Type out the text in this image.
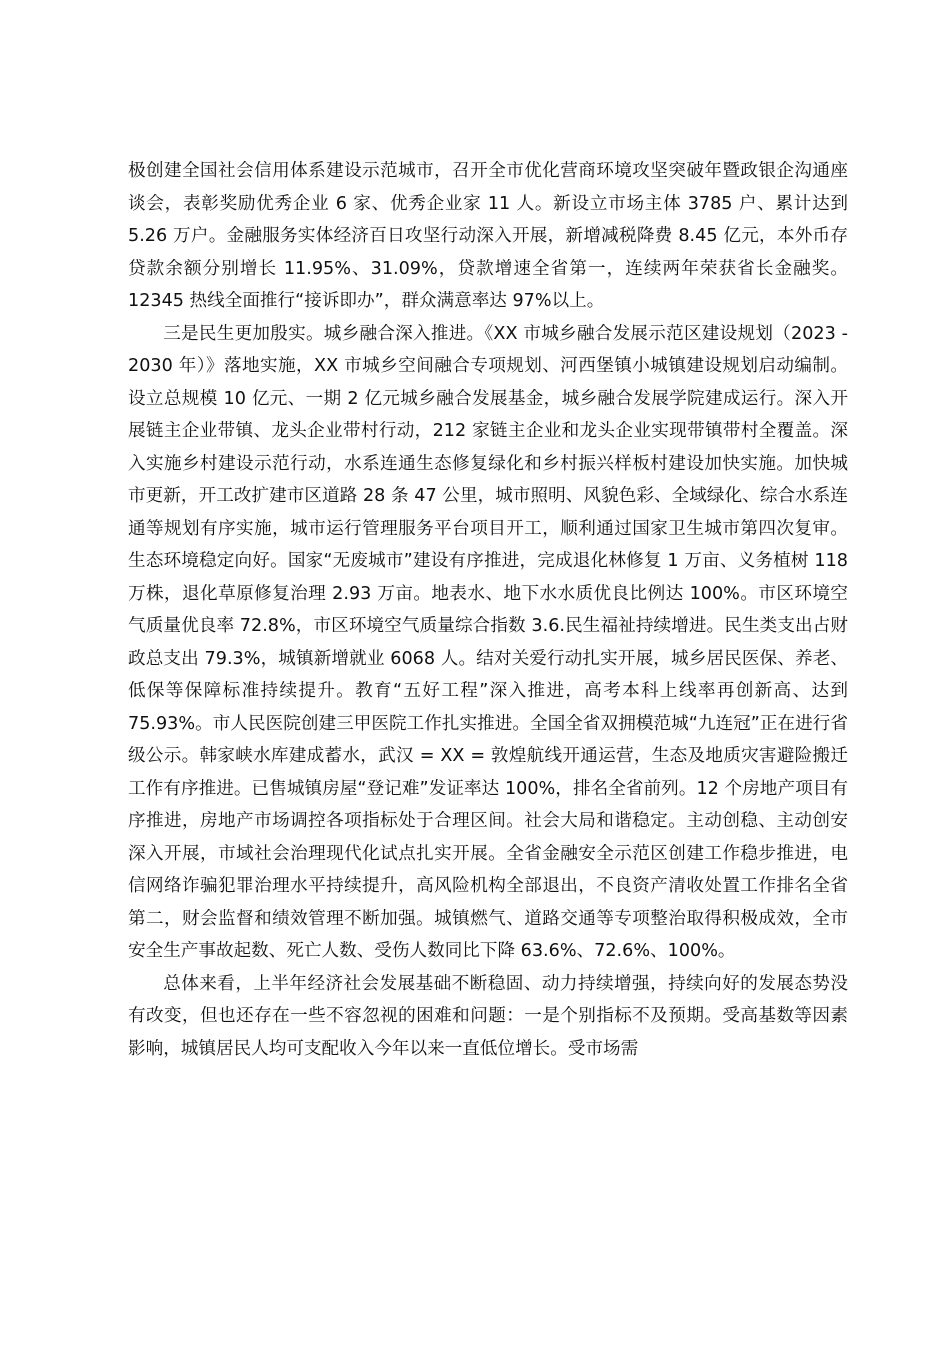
极创建全国社会信用体系建设示范城市，召开全市优化营商环境攻坚突破年暨政银企沟通座谈会，表彰奖励优秀企业 6 家、优秀企业家 11 人。新设立市场主体 3785 户、累计达到 5.26 万户。金融服务实体经济百日攻坚行动深入开展，新增减税降费 8.45 亿元，本外币存贷款余额分别增长 11.95%、31.09%，贷款增速全省第一，连续两年荣获省长金融奖。12345 热线全面推行“接诉即办”，群众满意率达 97%以上。

三是民生更加殷实。城乡融合深入推进。《XX 市城乡融合发展示范区建设规划（2023 - 2030 年）》落地实施，XX 市城乡空间融合专项规划、河西堡镇小城镇建设规划启动编制。设立总规模 10 亿元、一期 2 亿元城乡融合发展基金，城乡融合发展学院建成运行。深入开展链主企业带镇、龙头企业带村行动，212 家链主企业和龙头企业实现带镇带村全覆盖。深入实施乡村建设示范行动，水系连通生态修复绿化和乡村振兴样板村建设加快实施。加快城市更新，开工改扩建市区道路 28 条 47 公里，城市照明、风貌色彩、全域绿化、综合水系连通等规划有序实施，城市运行管理服务平台项目开工，顺利通过国家卫生城市第四次复审。生态环境稳定向好。国家“无废城市”建设有序推进，完成退化林修复 1 万亩、义务植树 118 万株，退化草原修复治理 2.93 万亩。地表水、地下水水质优良比例达 100%。市区环境空气质量优良率 72.8%，市区环境空气质量综合指数 3.6.民生福祉持续增进。民生类支出占财政总支出 79.3%，城镇新增就业 6068 人。结对关爱行动扎实开展，城乡居民医保、养老、低保等保障标准持续提升。教育“五好工程”深入推进，高考本科上线率再创新高、达到 75.93%。市人民医院创建三甲医院工作扎实推进。全国全省双拥模范城“九连冠”正在进行省级公示。韩家峡水库建成蓄水，武汉 = XX = 敦煌航线开通运营，生态及地质灾害避险搬迁工作有序推进。已售城镇房屋“登记难”发证率达 100%，排名全省前列。12 个房地产项目有序推进，房地产市场调控各项指标处于合理区间。社会大局和谐稳定。主动创稳、主动创安深入开展，市域社会治理现代化试点扎实开展。全省金融安全示范区创建工作稳步推进，电信网络诈骗犯罪治理水平持续提升，高风险机构全部退出，不良资产清收处置工作排名全省第二，财会监督和绩效管理不断加强。城镇燃气、道路交通等专项整治取得积极成效，全市安全生产事故起数、死亡人数、受伤人数同比下降 63.6%、72.6%、100%。

总体来看，上半年经济社会发展基础不断稳固、动力持续增强，持续向好的发展态势没有改变，但也还存在一些不容忽视的困难和问题：一是个别指标不及预期。受高基数等因素影响，城镇居民人均可支配收入今年以来一直低位增长。受市场需
